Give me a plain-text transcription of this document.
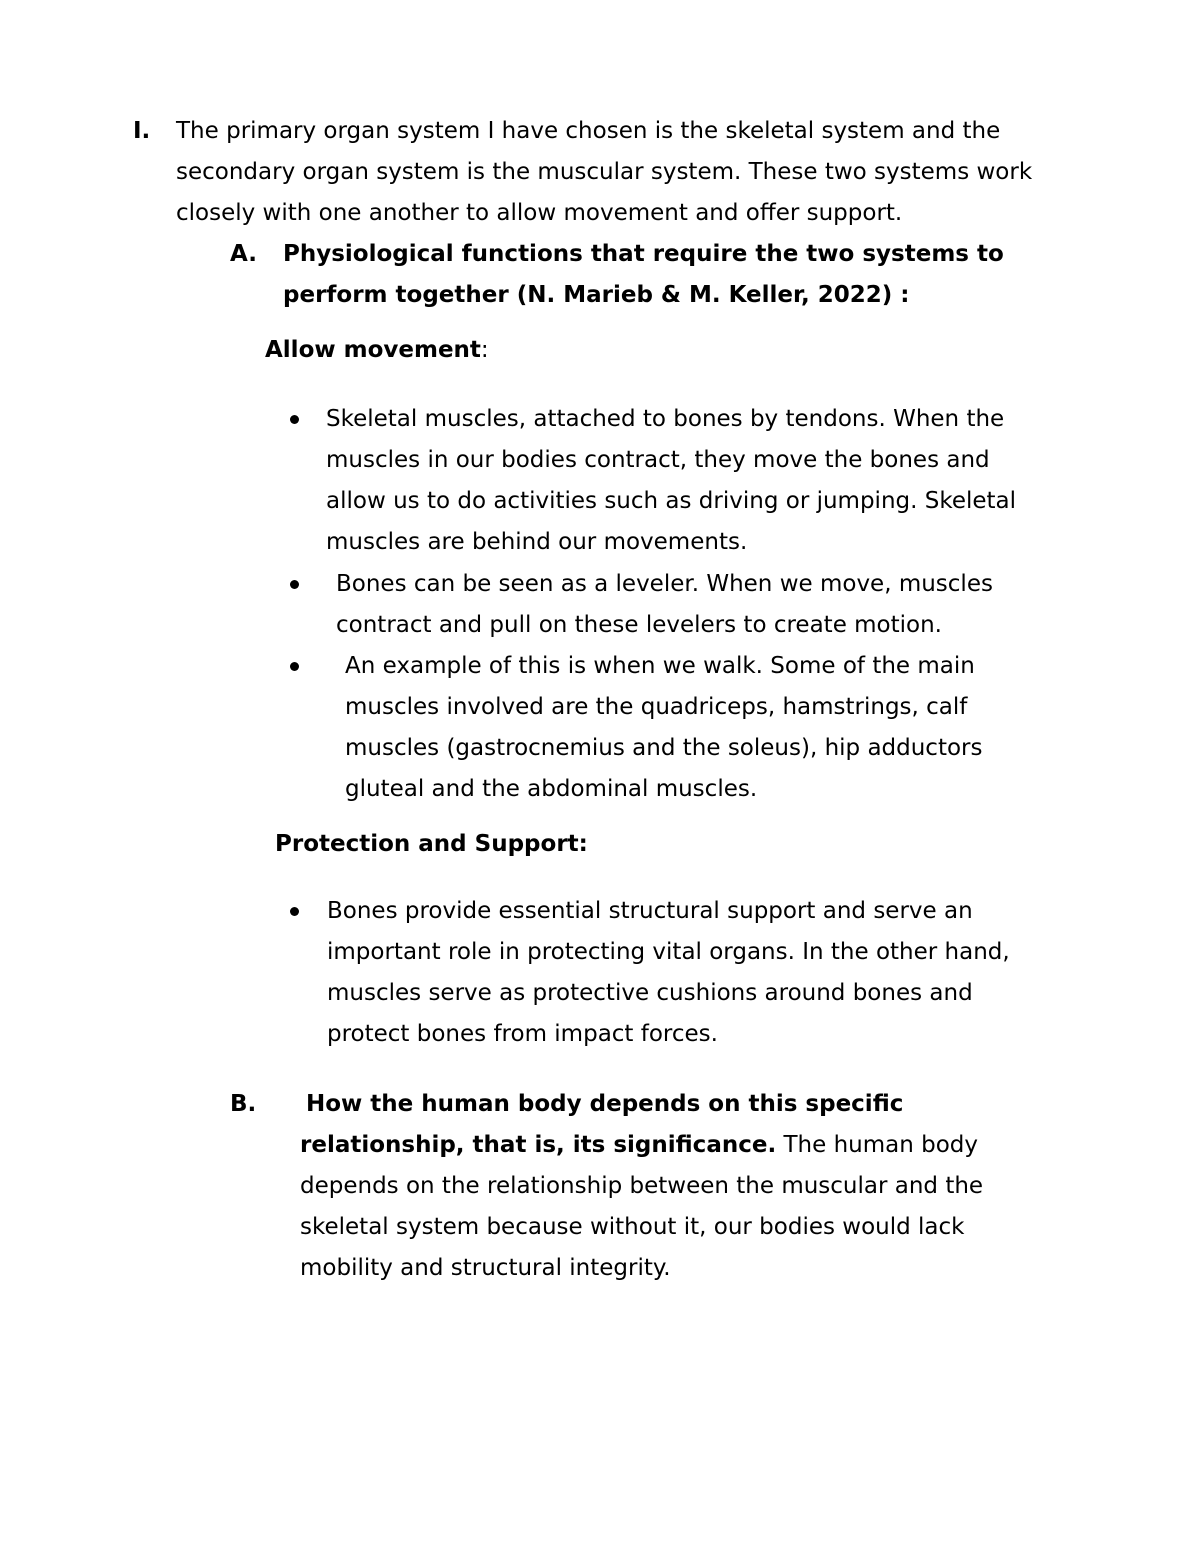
I. The primary organ system I have chosen is the skeletal system and the secondary organ system is the muscular system. These two systems work closely with one another to allow movement and offer support.

A. Physiological functions that require the two systems to perform together (N. Marieb & M. Keller, 2022) :

Allow movement:

Skeletal muscles, attached to bones by tendons. When the muscles in our bodies contract, they move the bones and allow us to do activities such as driving or jumping. Skeletal muscles are behind our movements.

Bones can be seen as a leveler. When we move, muscles contract and pull on these levelers to create motion.

An example of this is when we walk. Some of the main muscles involved are the quadriceps, hamstrings, calf muscles (gastrocnemius and the soleus), hip adductors gluteal and the abdominal muscles.

Protection and Support:

Bones provide essential structural support and serve an important role in protecting vital organs. In the other hand, muscles serve as protective cushions around bones and protect bones from impact forces.

B. How the human body depends on this specific relationship, that is, its significance. The human body depends on the relationship between the muscular and the skeletal system because without it, our bodies would lack mobility and structural integrity.
